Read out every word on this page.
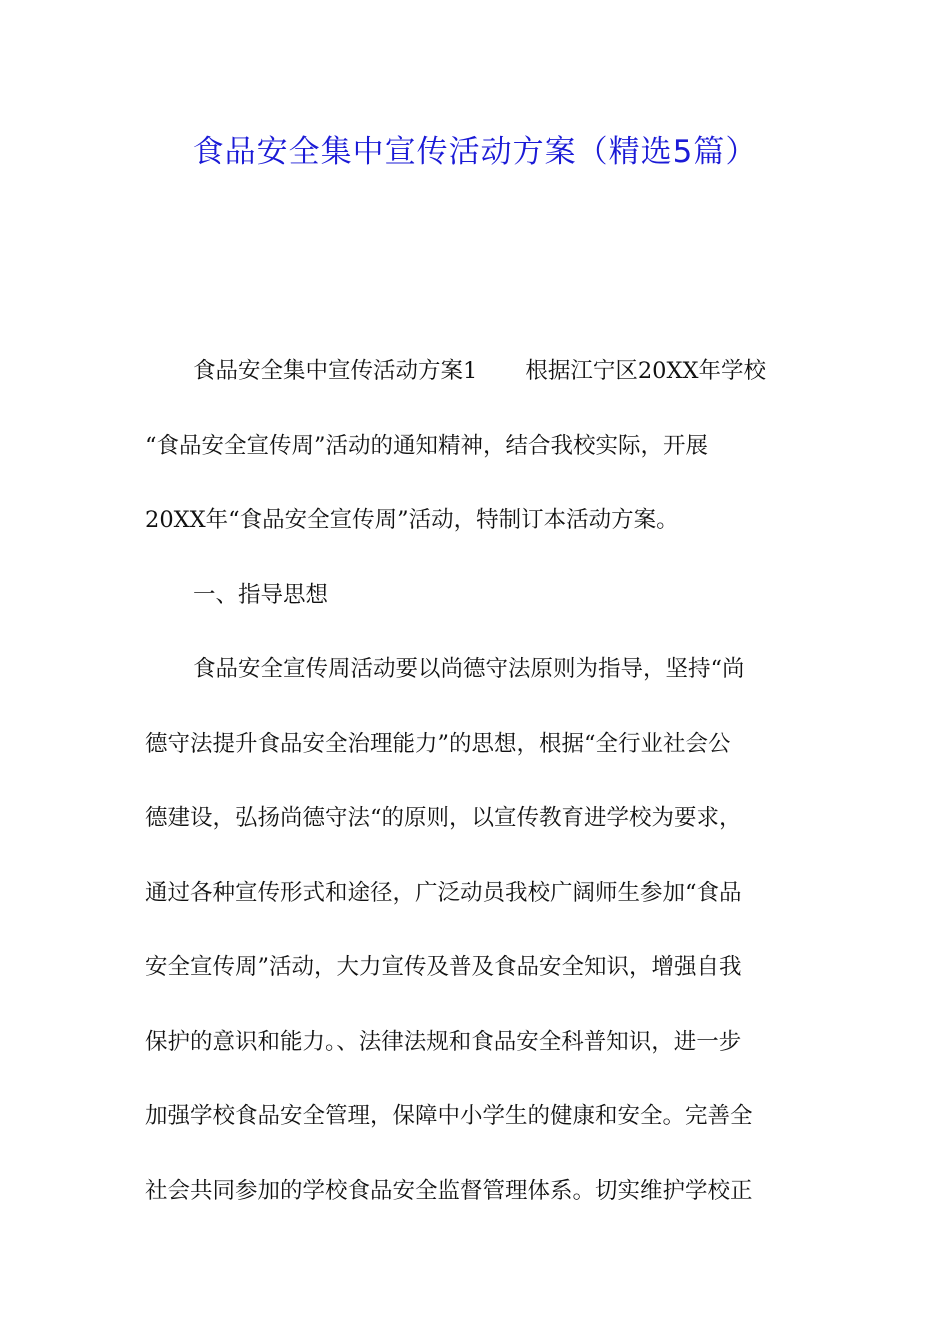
食品安全集中宣传活动方案（精选5篇）
食品安全集中宣传活动方案1 根据江宁区20XX年学校
“食品安全宣传周”活动的通知精神，结合我校实际，开展
20XX年“食品安全宣传周”活动，特制订本活动方案。
一、指导思想
食品安全宣传周活动要以尚德守法原则为指导，坚持“尚
德守法提升食品安全治理能力”的思想，根据“全行业社会公
德建设，弘扬尚德守法“的原则，以宣传教育进学校为要求，
通过各种宣传形式和途径，广泛动员我校广阔师生参加“食品
安全宣传周”活动，大力宣传及普及食品安全知识，增强自我
保护的意识和能力。、法律法规和食品安全科普知识，进一步
加强学校食品安全管理，保障中小学生的健康和安全。完善全
社会共同参加的学校食品安全监督管理体系。切实维护学校正
